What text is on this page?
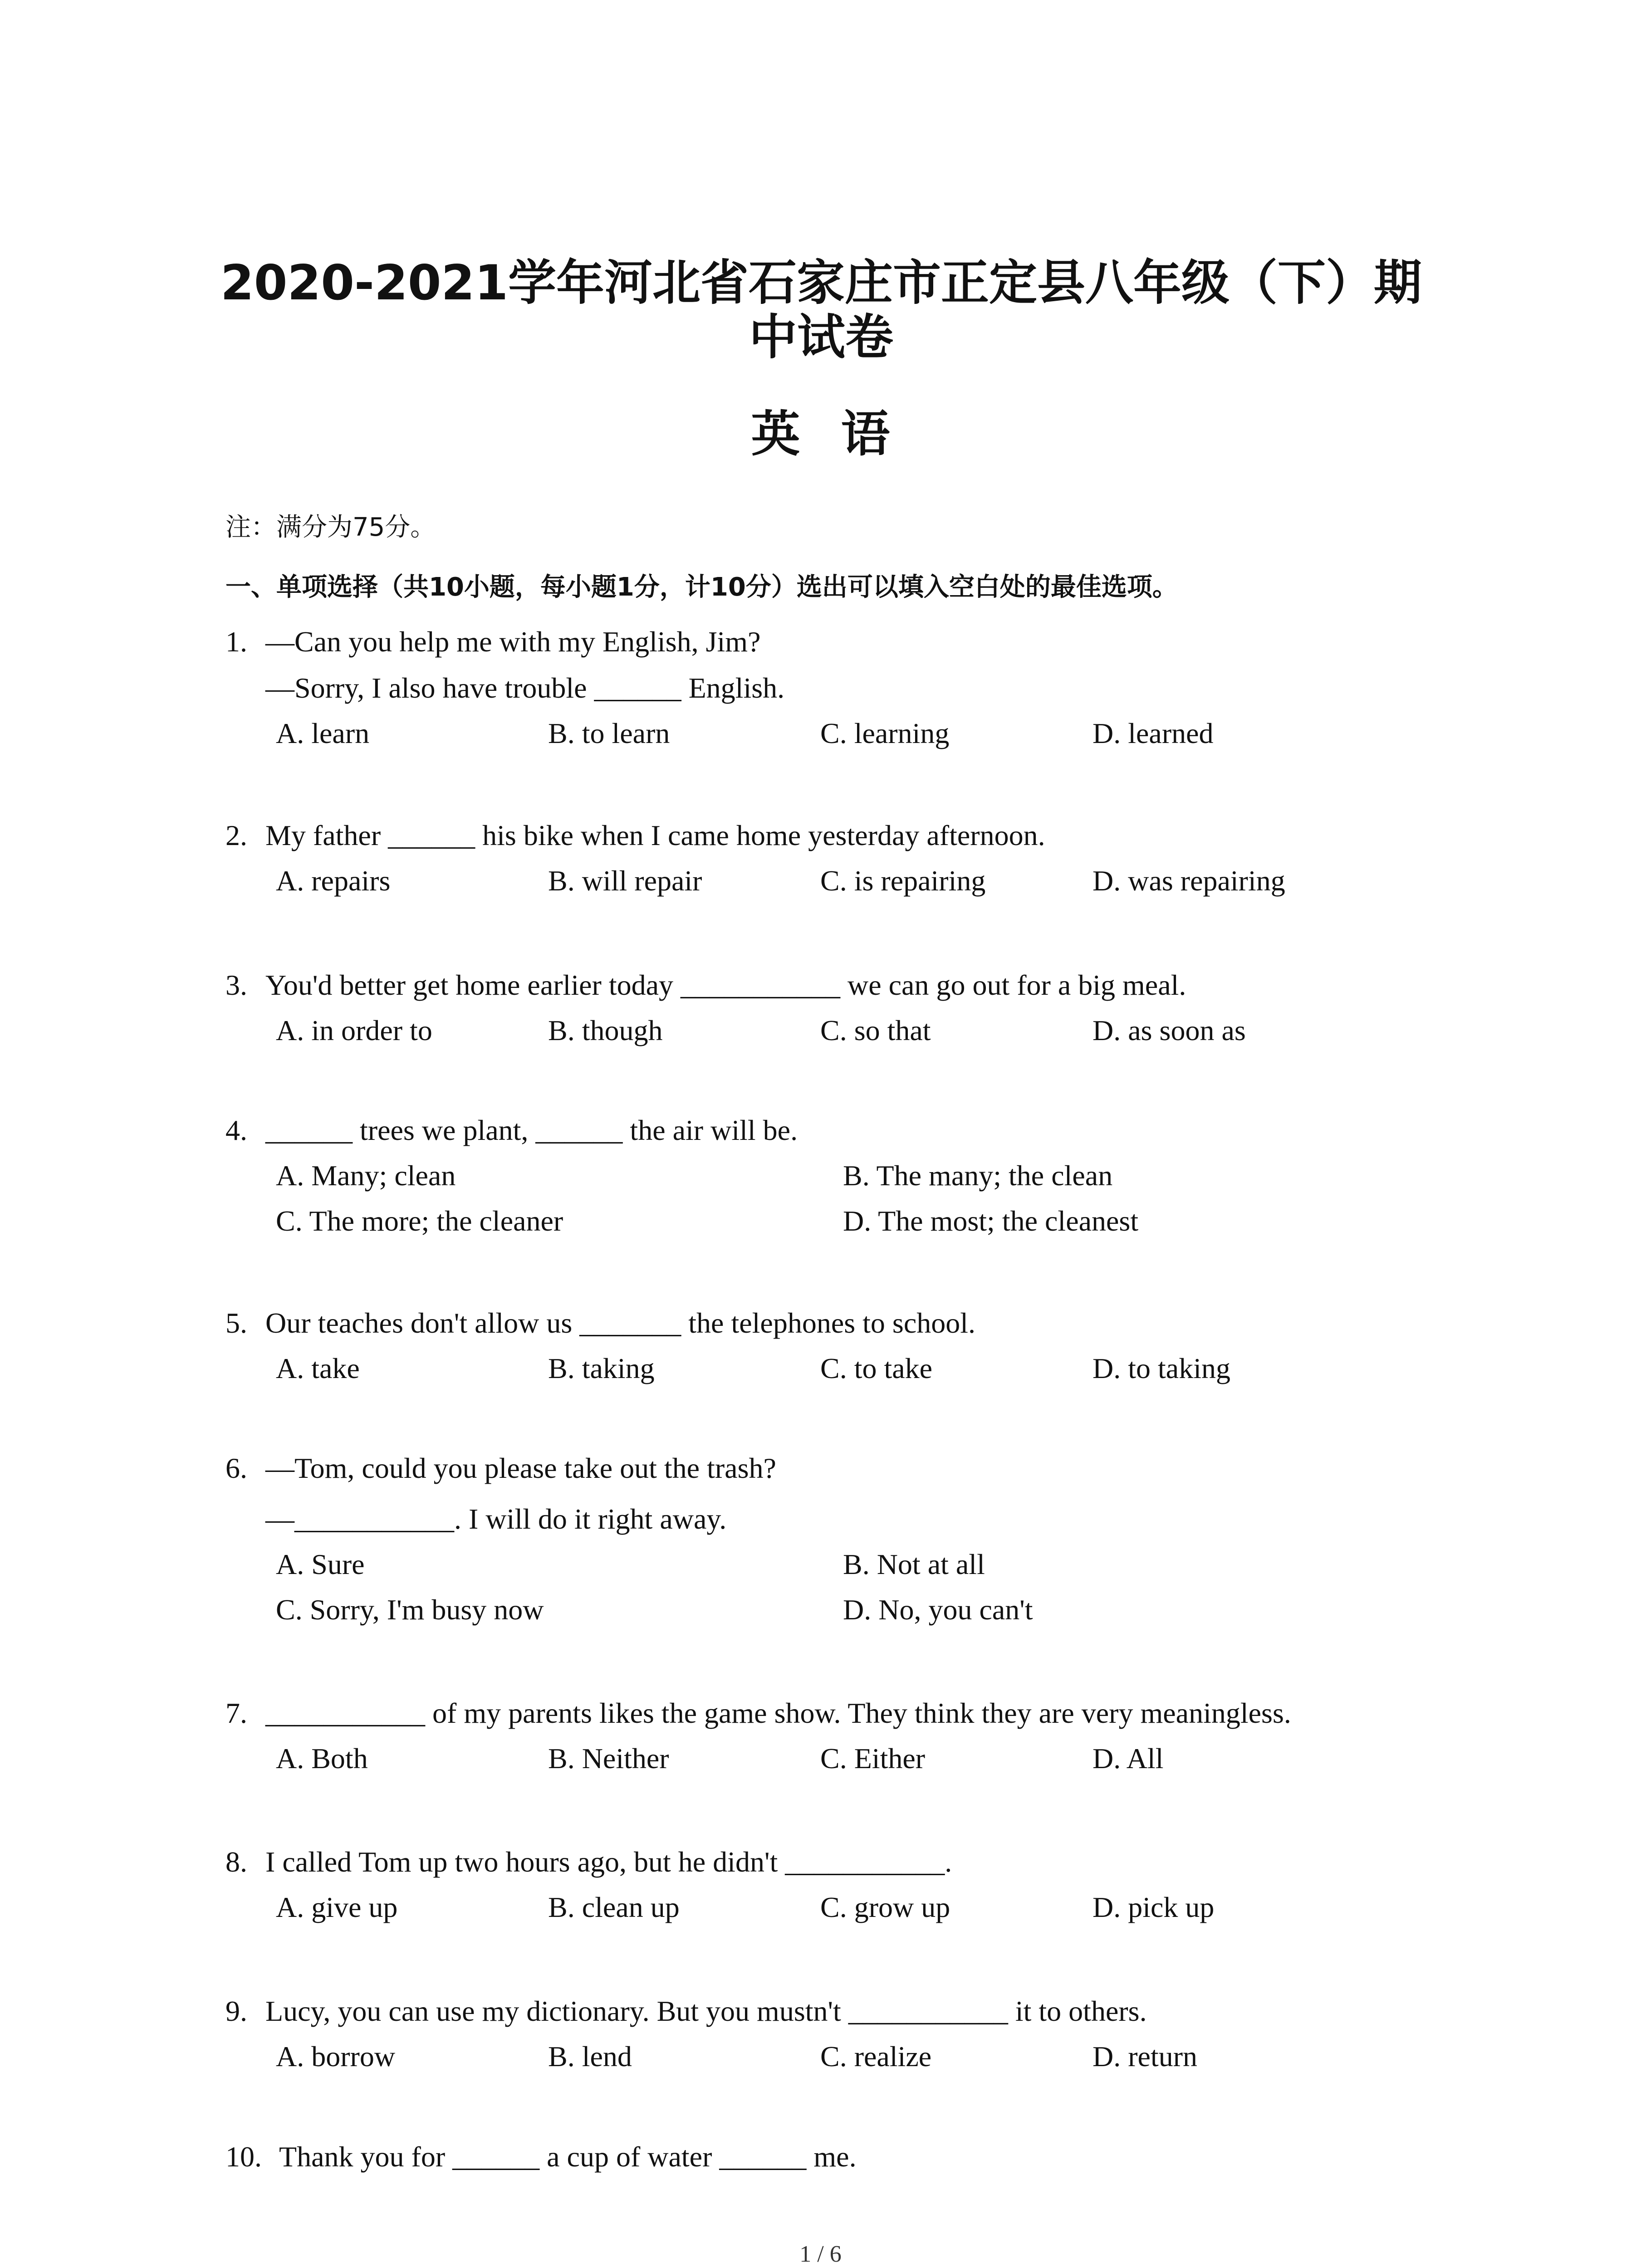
2020-2021学年河北省石家庄市正定县八年级（下）期
中试卷
英语
注：满分为75分。
一、单项选择（共10小题，每小题1分，计10分）选出可以填入空白处的最佳选项。
1. —Can you help me with my English, Jim?
—Sorry, I also have trouble ______ English.
A. learn	B. to learn	C. learning	D. learned
2. My father ______ his bike when I came home yesterday afternoon.
A. repairs	B. will repair	C. is repairing	D. was repairing
3. You'd better get home earlier today ___________ we can go out for a big meal.
A. in order to	B. though	C. so that	D. as soon as
4. ______ trees we plant, ______ the air will be.
A. Many; clean	B. The many; the clean
C. The more; the cleaner	D. The most; the cleanest
5. Our teaches don't allow us _______ the telephones to school.
A. take	B. taking	C. to take	D. to taking
6. —Tom, could you please take out the trash?
—___________. I will do it right away.
A. Sure	B. Not at all
C. Sorry, I'm busy now	D. No, you can't
7. ___________ of my parents likes the game show. They think they are very meaningless.
A. Both	B. Neither	C. Either	D. All
8. I called Tom up two hours ago, but he didn't ___________.
A. give up	B. clean up	C. grow up	D. pick up
9. Lucy, you can use my dictionary. But you mustn't ___________ it to others.
A. borrow	B. lend	C. realize	D. return
10. Thank you for ______ a cup of water ______ me.
1 / 6
